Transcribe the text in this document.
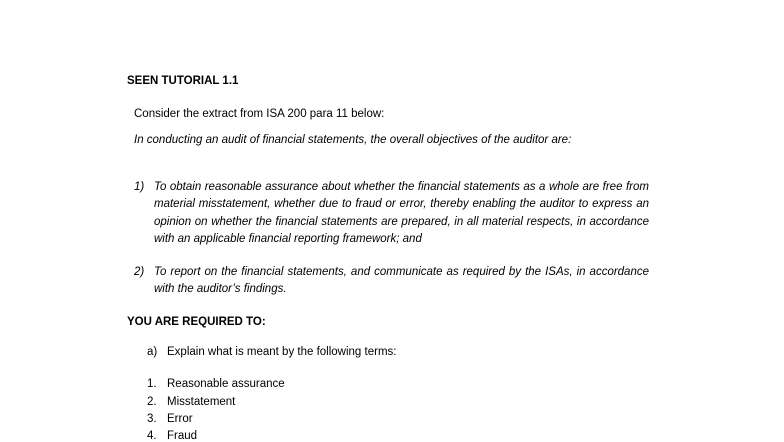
SEEN TUTORIAL 1.1
Consider the extract from ISA 200 para 11 below:
In conducting an audit of financial statements, the overall objectives of the auditor are:
1) To obtain reasonable assurance about whether the financial statements as a whole are free from material misstatement, whether due to fraud or error, thereby enabling the auditor to express an opinion on whether the financial statements are prepared, in all material respects, in accordance with an applicable financial reporting framework; and
2) To report on the financial statements, and communicate as required by the ISAs, in accordance with the auditor’s findings.
YOU ARE REQUIRED TO:
a) Explain what is meant by the following terms:
1. Reasonable assurance
2. Misstatement
3. Error
4. Fraud
